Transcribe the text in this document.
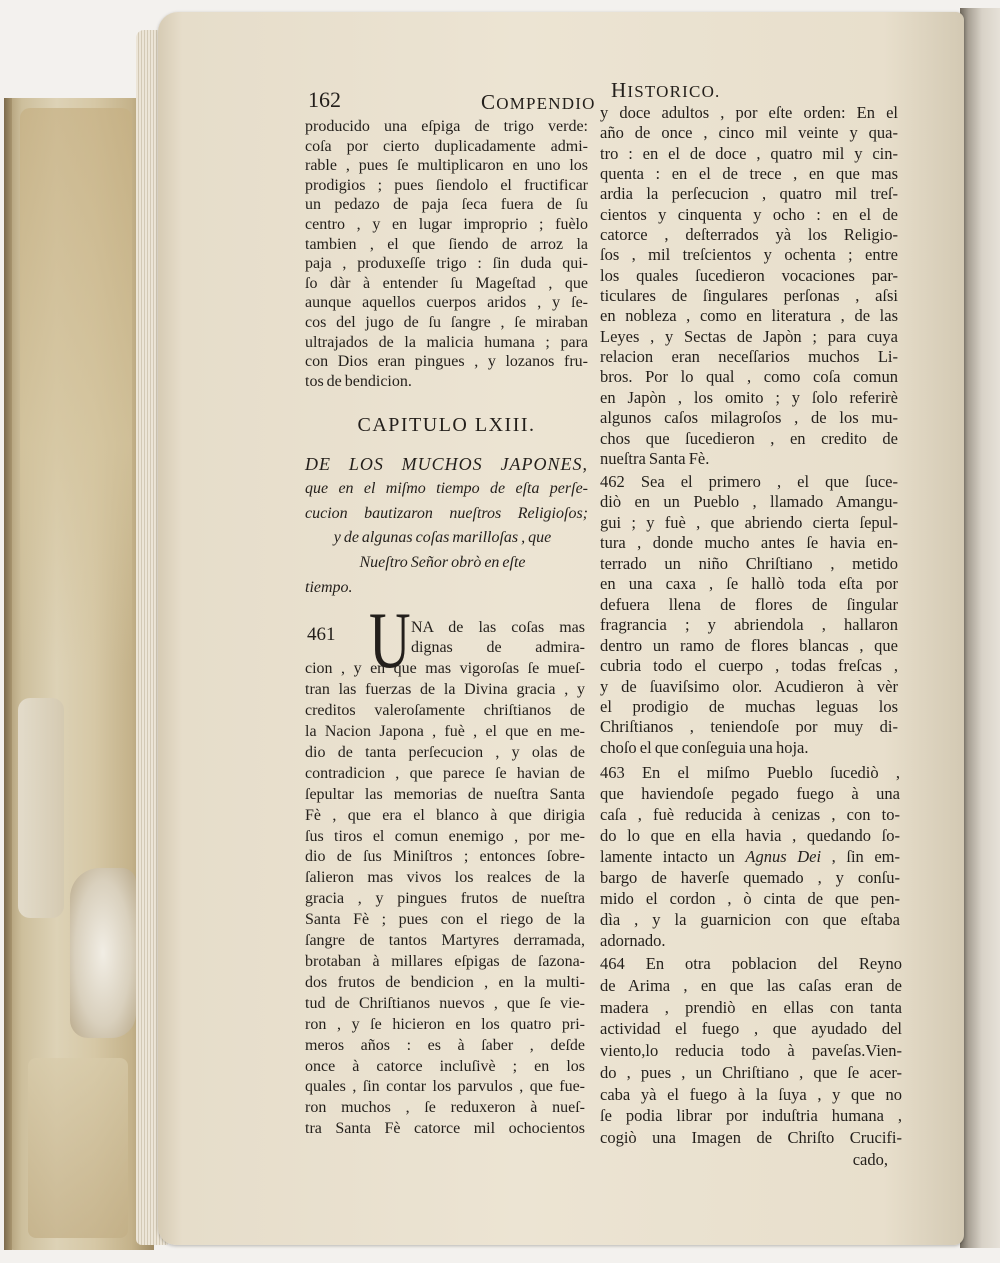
162	COMPENDIO
HISTORICO.
producido una eſpiga de trigo verde:
coſa por cierto duplicadamente admi-
rable , pues ſe multiplicaron en uno los
prodigios ; pues ſiendolo el fructificar
un pedazo de paja ſeca fuera de ſu
centro , y en lugar improprio ; fuèlo
tambien , el que ſiendo de arroz la
paja , produxeſſe trigo : ſin duda qui-
ſo dàr à entender ſu Mageſtad , que
aunque aquellos cuerpos aridos , y ſe-
cos del jugo de ſu ſangre , ſe miraban
ultrajados de la malicia humana ; para
con Dios eran pingues , y lozanos fru-
tos de bendicion.
CAPITULO LXIII.
DE LOS MUCHOS JAPONES,
que en el miſmo tiempo de eſta perſe-
cucion bautizaron nueſtros Religioſos;
y de algunas coſas marilloſas , que
Nueſtro Señor obrò en eſte
tiempo.
461 U NA de las coſas mas
dignas de admira-
cion , y en que mas vigoroſas ſe mueſ-
tran las fuerzas de la Divina gracia , y
creditos valeroſamente chriſtianos de
la Nacion Japona , fuè , el que en me-
dio de tanta perſecucion , y olas de
contradicion , que parece ſe havian de
ſepultar las memorias de nueſtra Santa
Fè , que era el blanco à que dirigia
ſus tiros el comun enemigo , por me-
dio de ſus Miniſtros ; entonces ſobre-
ſalieron mas vivos los realces de la
gracia , y pingues frutos de nueſtra
Santa Fè ; pues con el riego de la
ſangre de tantos Martyres derramada,
brotaban à millares eſpigas de ſazona-
dos frutos de bendicion , en la multi-
tud de Chriſtianos nuevos , que ſe vie-
ron , y ſe hicieron en los quatro pri-
meros años : es à ſaber , deſde
once à catorce incluſivè ; en los
quales , ſin contar los parvulos , que fue-
ron muchos , ſe reduxeron à nueſ-
tra Santa Fè catorce mil ochocientos
y doce adultos , por eſte orden: En el
año de once , cinco mil veinte y qua-
tro : en el de doce , quatro mil y cin-
quenta : en el de trece , en que mas
ardia la perſecucion , quatro mil treſ-
cientos y cinquenta y ocho : en el de
catorce , deſterrados yà los Religio-
ſos , mil treſcientos y ochenta ; entre
los quales ſucedieron vocaciones par-
ticulares de ſingulares perſonas , aſsi
en nobleza , como en literatura , de las
Leyes , y Sectas de Japòn ; para cuya
relacion eran neceſſarios muchos Li-
bros. Por lo qual , como coſa comun
en Japòn , los omito ; y ſolo referirè
algunos caſos milagroſos , de los mu-
chos que ſucedieron , en credito de
nueſtra Santa Fè.
462 Sea el primero , el que ſuce-
diò en un Pueblo , llamado Amangu-
gui ; y fuè , que abriendo cierta ſepul-
tura , donde mucho antes ſe havia en-
terrado un niño Chriſtiano , metido
en una caxa , ſe hallò toda eſta por
defuera llena de flores de ſingular
fragrancia ; y abriendola , hallaron
dentro un ramo de flores blancas , que
cubria todo el cuerpo , todas freſcas ,
y de ſuaviſsimo olor. Acudieron à vèr
el prodigio de muchas leguas los
Chriſtianos , teniendoſe por muy di-
choſo el que conſeguia una hoja.
463 En el miſmo Pueblo ſucediò ,
que haviendoſe pegado fuego à una
caſa , fuè reducida à cenizas , con to-
do lo que en ella havia , quedando ſo-
lamente intacto un Agnus Dei , ſin em-
bargo de haverſe quemado , y conſu-
mido el cordon , ò cinta de que pen-
dìa , y la guarnicion con que eſtaba
adornado.
464 En otra poblacion del Reyno
de Arima , en que las caſas eran de
madera , prendiò en ellas con tanta
actividad el fuego , que ayudado del
viento,lo reducia todo à paveſas.Vien-
do , pues , un Chriſtiano , que ſe acer-
caba yà el fuego à la ſuya , y que no
ſe podia librar por induſtria humana ,
cogiò una Imagen de Chriſto Crucifi-
cado,
